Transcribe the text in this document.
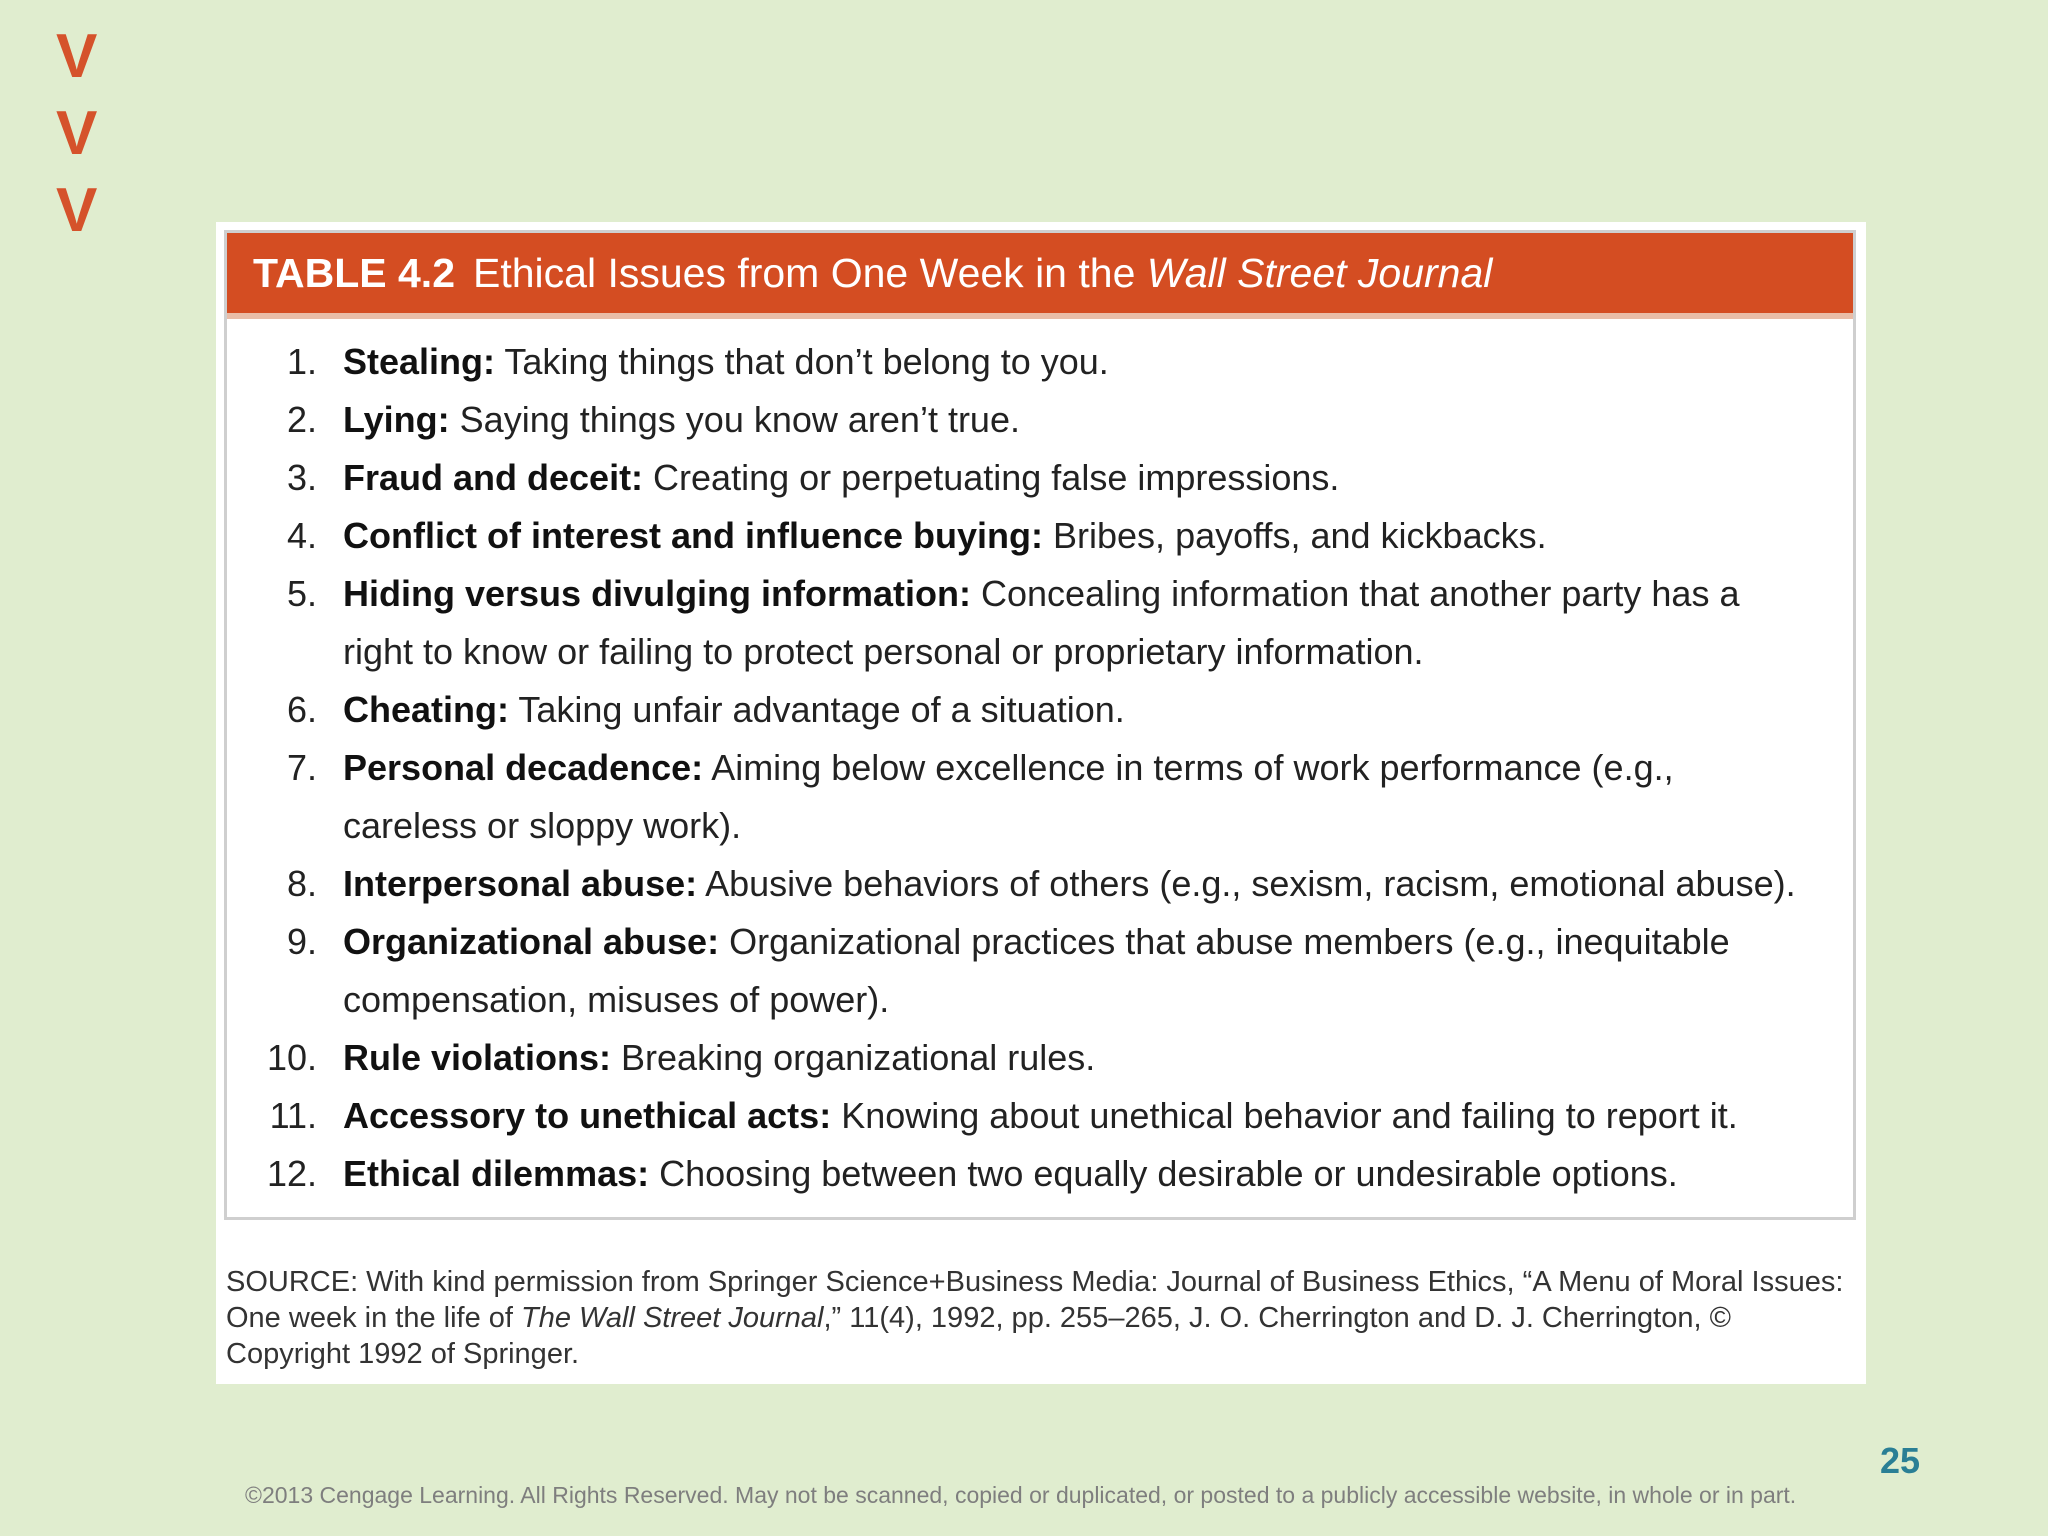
V
V
V
TABLE 4.2 Ethical Issues from One Week in the Wall Street Journal
1. Stealing: Taking things that don’t belong to you.
2. Lying: Saying things you know aren’t true.
3. Fraud and deceit: Creating or perpetuating false impressions.
4. Conflict of interest and influence buying: Bribes, payoffs, and kickbacks.
5. Hiding versus divulging information: Concealing information that another party has a right to know or failing to protect personal or proprietary information.
6. Cheating: Taking unfair advantage of a situation.
7. Personal decadence: Aiming below excellence in terms of work performance (e.g., careless or sloppy work).
8. Interpersonal abuse: Abusive behaviors of others (e.g., sexism, racism, emotional abuse).
9. Organizational abuse: Organizational practices that abuse members (e.g., inequitable compensation, misuses of power).
10. Rule violations: Breaking organizational rules.
11. Accessory to unethical acts: Knowing about unethical behavior and failing to report it.
12. Ethical dilemmas: Choosing between two equally desirable or undesirable options.
SOURCE: With kind permission from Springer Science+Business Media: Journal of Business Ethics, “A Menu of Moral Issues: One week in the life of The Wall Street Journal,” 11(4), 1992, pp. 255–265, J. O. Cherrington and D. J. Cherrington, © Copyright 1992 of Springer.
25
©2013 Cengage Learning. All Rights Reserved. May not be scanned, copied or duplicated, or posted to a publicly accessible website, in whole or in part.
